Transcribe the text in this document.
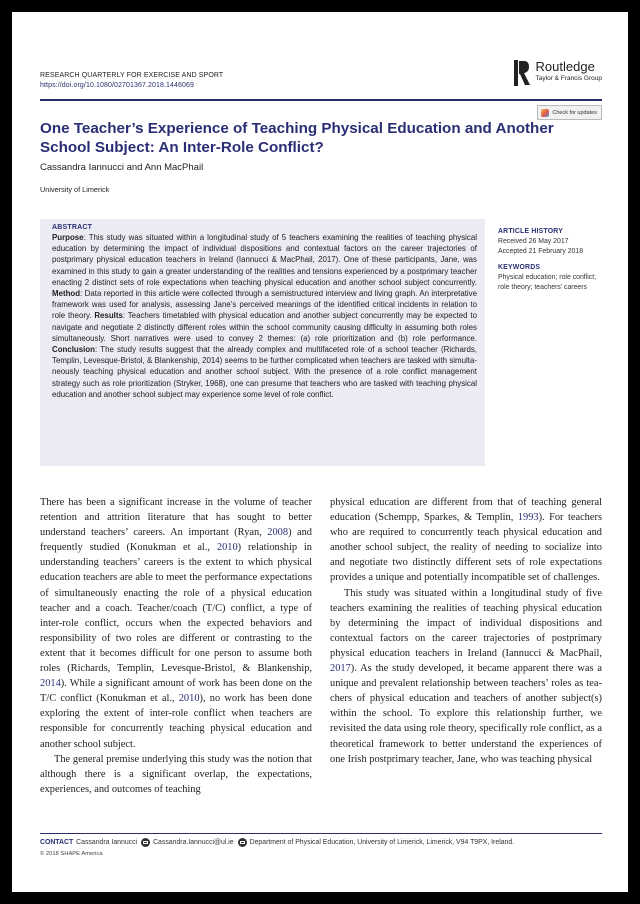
RESEARCH QUARTERLY FOR EXERCISE AND SPORT
https://doi.org/10.1080/02701367.2018.1446069
Routledge
Taylor & Francis Group
Check for updates
One Teacher’s Experience of Teaching Physical Education and Another School Subject: An Inter-Role Conflict?
Cassandra Iannucci and Ann MacPhail
University of Limerick
ABSTRACT
Purpose: This study was situated within a longitudinal study of 5 teachers examining the realities of teaching physical education by determining the impact of individual dispositions and contextual factors on the career trajectories of postprimary physical education teachers in Ireland (Iannucci & MacPhail, 2017). One of these participants, Jane, was examined in this study to gain a greater understanding of the realities and tensions experienced by a postprimary teacher enacting 2 distinct sets of role expectations when teaching physical education and another school subject concurrently. Method: Data reported in this article were collected through a semistructured interview and living graph. An interpretative framework was used for analysis, assessing Jane’s perceived meanings of the identified critical incidents in relation to role theory. Results: Teachers timetabled with physical education and another subject concurrently may be expected to navigate and negotiate 2 distinctly different roles within the school community causing difficulty in assuming both roles simultaneously. Short narratives were used to convey 2 themes: (a) role prioritization and (b) role performance. Conclusion: The study results suggest that the already complex and multifaceted role of a school teacher (Richards, Templin, Levesque-Bristol, & Blankenship, 2014) seems to be further complicated when teachers are tasked with simultaneously teaching physical education and another school subject. With the presence of a role conflict management strategy such as role prioritization (Stryker, 1968), one can presume that teachers who are tasked with teaching physical education and another school subject may experience some level of role conflict.
ARTICLE HISTORY
Received 26 May 2017
Accepted 21 February 2018
KEYWORDS
Physical education; role conflict; role theory; teachers’ careers

There has been a significant increase in the volume of teacher retention and attrition literature that has sought to better understand teachers’ careers. An important (Ryan, 2008) and frequently studied (Konukman et al., 2010) relationship in understanding teachers’ careers is the extent to which physical education teachers are able to meet the performance expectations of simultaneously enacting the role of a physical education teacher and a coach. Teacher/coach (T/C) conflict, a type of inter-role conflict, occurs when the expected behaviors and responsibility of two roles are different or contrasting to the extent that it becomes difficult for one person to assume both roles (Richards, Templin, Levesque-Bristol, & Blankenship, 2014). While a significant amount of work has been done on the T/C conflict (Konukman et al., 2010), no work has been done exploring the extent of inter-role conflict when teachers are responsible for concurrently teaching physical education and another school subject.

The general premise underlying this study was the notion that although there is a significant overlap, the expectations, experiences, and outcomes of teaching

physical education are different from that of teaching general education (Schempp, Sparkes, & Templin, 1993). For teachers who are required to concurrently teach physical education and another school subject, the reality of needing to socialize into and negotiate two distinctly different sets of role expectations provides a unique and potentially incompatible set of challenges.

This study was situated within a longitudinal study of five teachers examining the realities of teaching physical education by determining the impact of individual dispositions and contextual factors on the career trajectories of postprimary physical education teachers in Ireland (Iannucci & MacPhail, 2017). As the study developed, it became apparent there was a unique and prevalent relationship between teachers’ roles as teachers of physical education and teachers of another subject(s) within the school. To explore this relationship further, we revisited the data using role theory, specifically role conflict, as a theoretical framework to better understand the experiences of one Irish postprimary teacher, Jane, who was teaching physical

CONTACT Cassandra Iannucci Cassandra.Iannucci@ul.ie Department of Physical Education, University of Limerick, Limerick, V94 T9PX, Ireland.
© 2018 SHAPE America
